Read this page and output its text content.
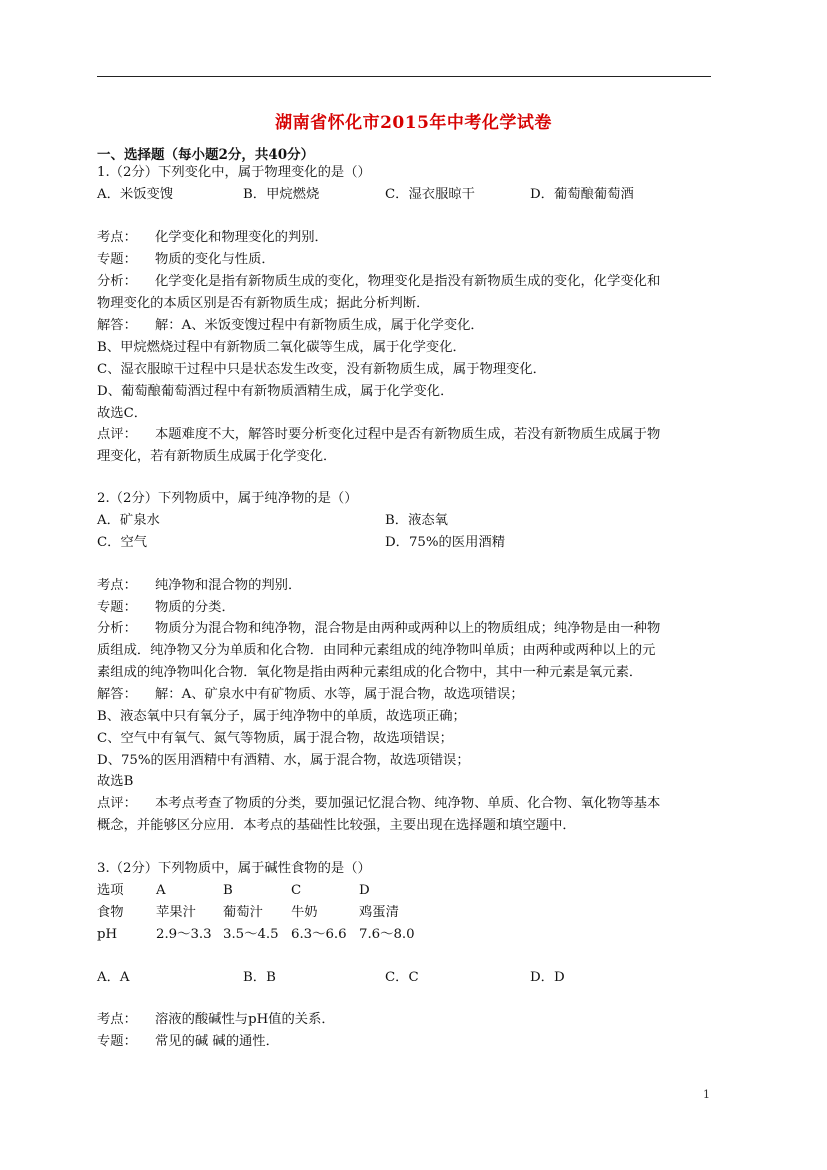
湖南省怀化市2015年中考化学试卷
一、选择题（每小题2分，共40分）
1.（2分）下列变化中，属于物理变化的是（）
A．米饭变馊	B．甲烷燃烧	C．湿衣服晾干	D．葡萄酿葡萄酒
考点： 化学变化和物理变化的判别．
专题： 物质的变化与性质．
分析： 化学变化是指有新物质生成的变化，物理变化是指没有新物质生成的变化，化学变化和
物理变化的本质区别是否有新物质生成；据此分析判断．
解答： 解：A、米饭变馊过程中有新物质生成，属于化学变化．
B、甲烷燃烧过程中有新物质二氧化碳等生成，属于化学变化．
C、湿衣服晾干过程中只是状态发生改变，没有新物质生成，属于物理变化．
D、葡萄酿葡萄酒过程中有新物质酒精生成，属于化学变化．
故选C．
点评： 本题难度不大，解答时要分析变化过程中是否有新物质生成，若没有新物质生成属于物
理变化，若有新物质生成属于化学变化．
2.（2分）下列物质中，属于纯净物的是（）
A．矿泉水	B．液态氧
C．空气	D．75%的医用酒精
考点： 纯净物和混合物的判别．
专题： 物质的分类．
分析： 物质分为混合物和纯净物，混合物是由两种或两种以上的物质组成；纯净物是由一种物
质组成．纯净物又分为单质和化合物．由同种元素组成的纯净物叫单质；由两种或两种以上的元
素组成的纯净物叫化合物．氧化物是指由两种元素组成的化合物中，其中一种元素是氧元素．
解答： 解：A、矿泉水中有矿物质、水等，属于混合物，故选项错误；
B、液态氧中只有氧分子，属于纯净物中的单质，故选项正确；
C、空气中有氧气、氮气等物质，属于混合物，故选项错误；
D、75%的医用酒精中有酒精、水，属于混合物，故选项错误；
故选B
点评： 本考点考查了物质的分类，要加强记忆混合物、纯净物、单质、化合物、氧化物等基本
概念，并能够区分应用．本考点的基础性比较强，主要出现在选择题和填空题中．
3.（2分）下列物质中，属于碱性食物的是（）
选项 A	B	C	D
食物 苹果汁 葡萄汁 牛奶	鸡蛋清
pH	2.9～3.3 3.5～4.5 6.3～6.6 7.6～8.0
A．A	B．B	C．C	D．D
考点： 溶液的酸碱性与pH值的关系．
专题： 常见的碱 碱的通性．
1
